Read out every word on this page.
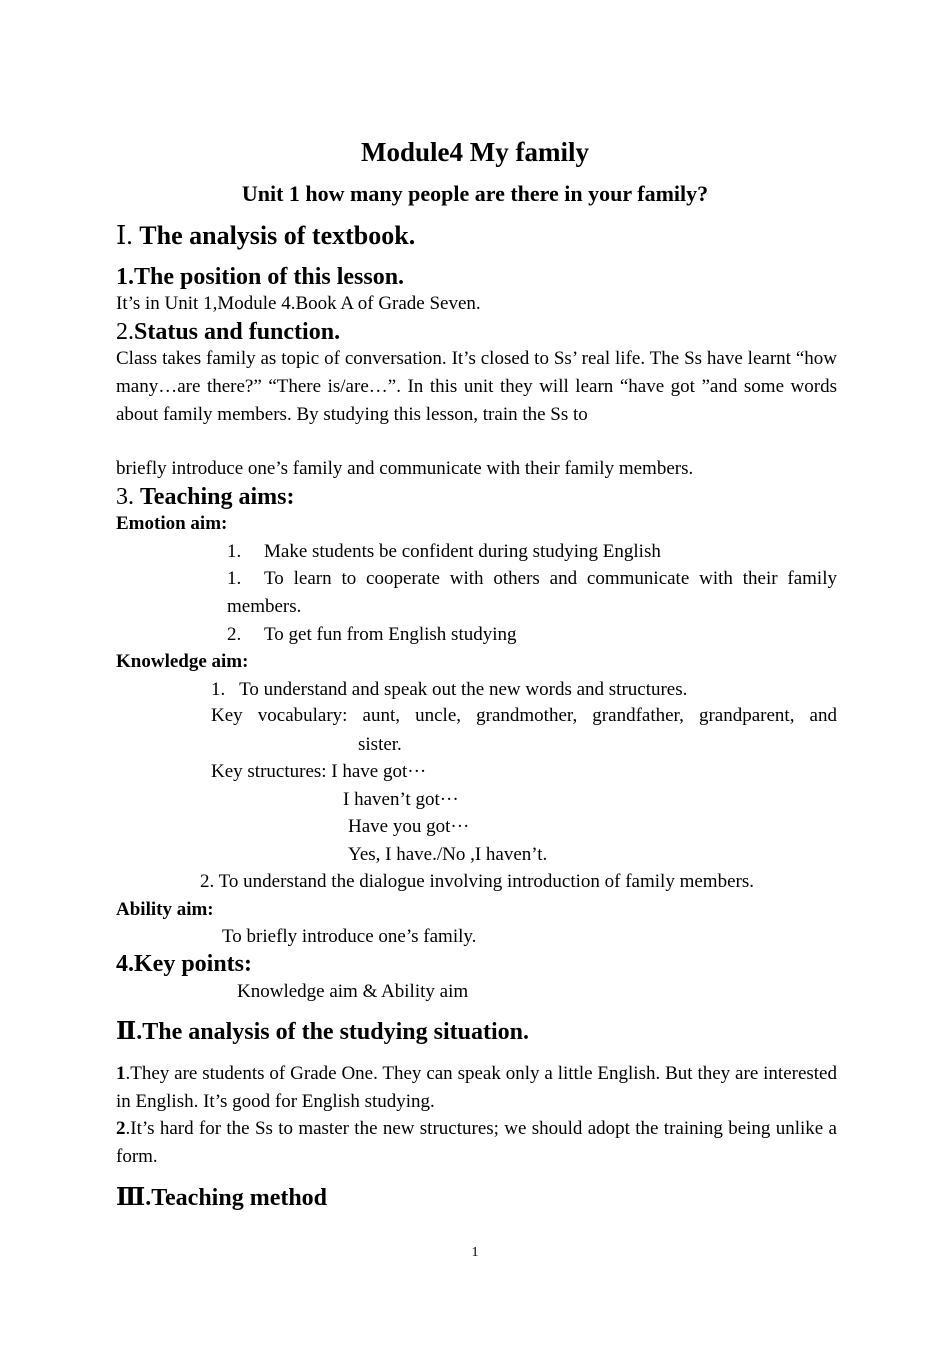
Module4 My family
Unit 1 how many people are there in your family?
Ⅰ. The analysis of textbook.
1.The position of this lesson.
It’s in Unit 1,Module 4.Book A of Grade Seven.
2.Status and function.
Class takes family as topic of conversation. It’s closed to Ss’ real life. The Ss have learnt “how many…are there?” “There is/are…”. In this unit they will learn “have got ”and some words about family members. By studying this lesson, train the Ss to
briefly introduce one’s family and communicate with their family members.
3. Teaching aims:
Emotion aim:
1. Make students be confident during studying English
1. To learn to cooperate with others and communicate with their family members.
2. To get fun from English studying
Knowledge aim:
1.   To understand and speak out the new words and structures.
Key vocabulary: aunt, uncle, grandmother, grandfather, grandparent, and
sister.
Key structures: I have got···
I haven’t got···
Have you got···
Yes, I have./No ,I haven’t.
2. To understand the dialogue involving introduction of family members.
Ability aim:
To briefly introduce one’s family.
4.Key points:
Knowledge aim & Ability aim
Ⅱ.The analysis of the studying situation.
1.They are students of Grade One. They can speak only a little English. But they are interested in English. It’s good for English studying.
2.It’s hard for the Ss to master the new structures; we should adopt the training being unlike a form.
Ⅲ.Teaching method
1
